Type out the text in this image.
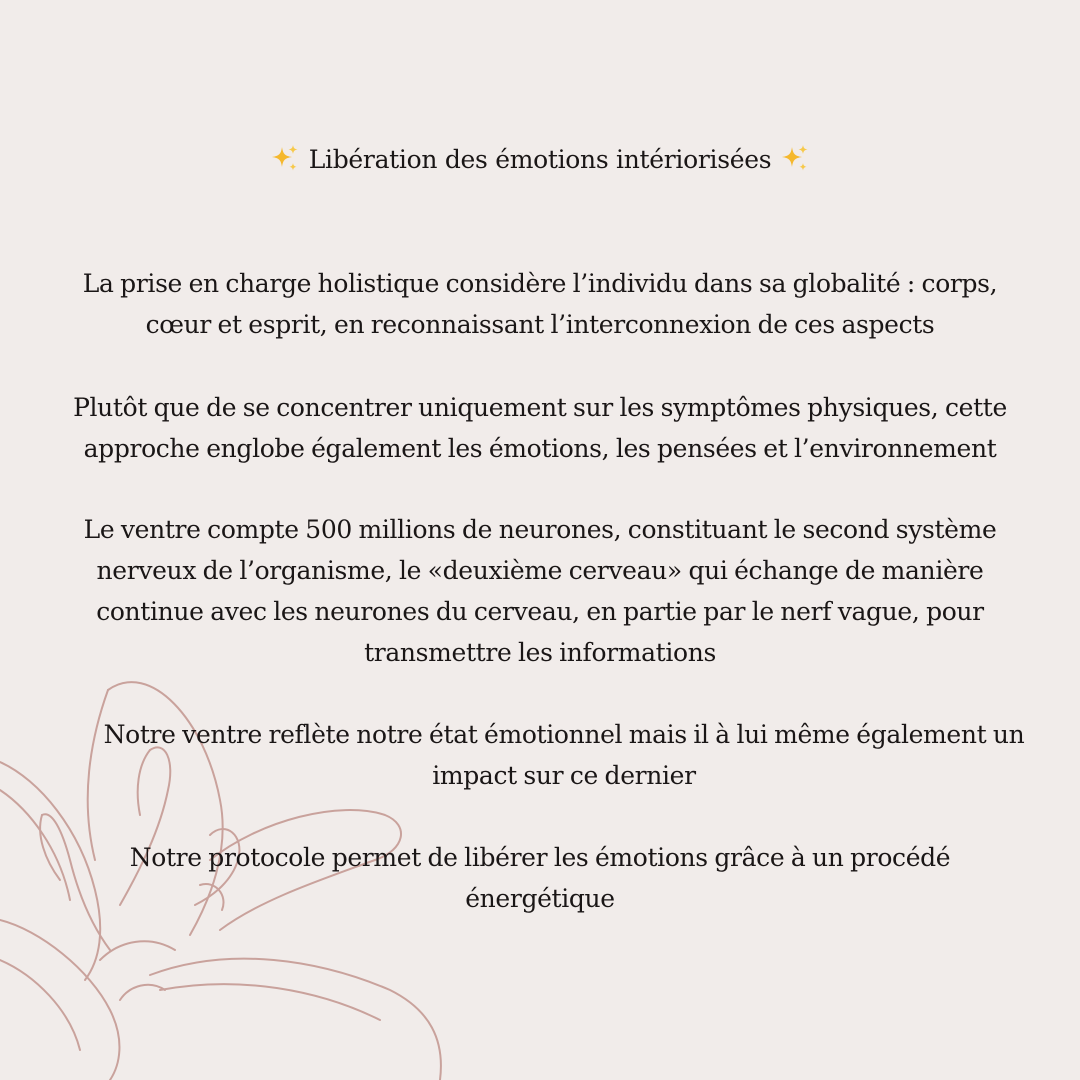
Libération des émotions intériorisées
La prise en charge holistique considère l’individu dans sa globalité : corps, cœur et esprit, en reconnaissant l’interconnexion de ces aspects
Plutôt que de se concentrer uniquement sur les symptômes physiques, cette approche englobe également les émotions, les pensées et l’environnement
Le ventre compte 500 millions de neurones, constituant le second système nerveux de l’organisme, le «deuxième cerveau» qui échange de manière continue avec les neurones du cerveau, en partie par le nerf vague, pour transmettre les informations
Notre ventre reflète notre état émotionnel mais il à lui même également un impact sur ce dernier
Notre protocole permet de libérer les émotions grâce à un procédé énergétique
